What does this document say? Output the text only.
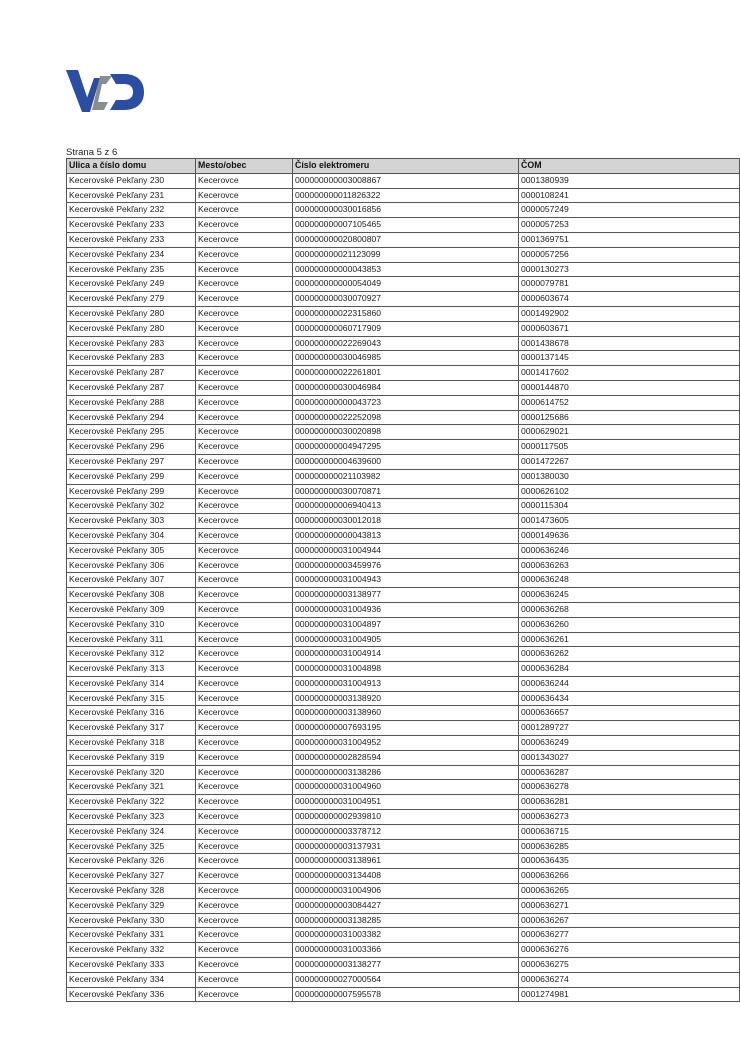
Strana 5 z 6
Ulica a číslo domu	Mesto/obec	Číslo elektromeru	ČOM
Kecerovské Pekľany 230	Kecerovce	000000000003008867	0001380939
Kecerovské Pekľany 231	Kecerovce	000000000011826322	0000108241
Kecerovské Pekľany 232	Kecerovce	000000000030016856	0000057249
Kecerovské Pekľany 233	Kecerovce	000000000007105465	0000057253
Kecerovské Pekľany 233	Kecerovce	000000000020800807	0001369751
Kecerovské Pekľany 234	Kecerovce	000000000021123099	0000057256
Kecerovské Pekľany 235	Kecerovce	000000000000043853	0000130273
Kecerovské Pekľany 249	Kecerovce	000000000000054049	0000079781
Kecerovské Pekľany 279	Kecerovce	000000000030070927	0000603674
Kecerovské Pekľany 280	Kecerovce	000000000022315860	0001492902
Kecerovské Pekľany 280	Kecerovce	000000000060717909	0000603671
Kecerovské Pekľany 283	Kecerovce	000000000022269043	0001438678
Kecerovské Pekľany 283	Kecerovce	000000000030046985	0000137145
Kecerovské Pekľany 287	Kecerovce	000000000022261801	0001417602
Kecerovské Pekľany 287	Kecerovce	000000000030046984	0000144870
Kecerovské Pekľany 288	Kecerovce	000000000000043723	0000614752
Kecerovské Pekľany 294	Kecerovce	000000000022252098	0000125686
Kecerovské Pekľany 295	Kecerovce	000000000030020898	0000629021
Kecerovské Pekľany 296	Kecerovce	000000000004947295	0000117505
Kecerovské Pekľany 297	Kecerovce	000000000004639600	0001472267
Kecerovské Pekľany 299	Kecerovce	000000000021103982	0001380030
Kecerovské Pekľany 299	Kecerovce	000000000030070871	0000626102
Kecerovské Pekľany 302	Kecerovce	000000000006940413	0000115304
Kecerovské Pekľany 303	Kecerovce	000000000030012018	0001473605
Kecerovské Pekľany 304	Kecerovce	000000000000043813	0000149636
Kecerovské Pekľany 305	Kecerovce	000000000031004944	0000636246
Kecerovské Pekľany 306	Kecerovce	000000000003459976	0000636263
Kecerovské Pekľany 307	Kecerovce	000000000031004943	0000636248
Kecerovské Pekľany 308	Kecerovce	000000000003138977	0000636245
Kecerovské Pekľany 309	Kecerovce	000000000031004936	0000636268
Kecerovské Pekľany 310	Kecerovce	000000000031004897	0000636260
Kecerovské Pekľany 311	Kecerovce	000000000031004905	0000636261
Kecerovské Pekľany 312	Kecerovce	000000000031004914	0000636262
Kecerovské Pekľany 313	Kecerovce	000000000031004898	0000636284
Kecerovské Pekľany 314	Kecerovce	000000000031004913	0000636244
Kecerovské Pekľany 315	Kecerovce	000000000003138920	0000636434
Kecerovské Pekľany 316	Kecerovce	000000000003138960	0000636657
Kecerovské Pekľany 317	Kecerovce	000000000007693195	0001289727
Kecerovské Pekľany 318	Kecerovce	000000000031004952	0000636249
Kecerovské Pekľany 319	Kecerovce	000000000002828594	0001343027
Kecerovské Pekľany 320	Kecerovce	000000000003138286	0000636287
Kecerovské Pekľany 321	Kecerovce	000000000031004960	0000636278
Kecerovské Pekľany 322	Kecerovce	000000000031004951	0000636281
Kecerovské Pekľany 323	Kecerovce	000000000002939810	0000636273
Kecerovské Pekľany 324	Kecerovce	000000000003378712	0000636715
Kecerovské Pekľany 325	Kecerovce	000000000003137931	0000636285
Kecerovské Pekľany 326	Kecerovce	000000000003138961	0000636435
Kecerovské Pekľany 327	Kecerovce	000000000003134408	0000636266
Kecerovské Pekľany 328	Kecerovce	000000000031004906	0000636265
Kecerovské Pekľany 329	Kecerovce	000000000003084427	0000636271
Kecerovské Pekľany 330	Kecerovce	000000000003138285	0000636267
Kecerovské Pekľany 331	Kecerovce	000000000031003382	0000636277
Kecerovské Pekľany 332	Kecerovce	000000000031003366	0000636276
Kecerovské Pekľany 333	Kecerovce	000000000003138277	0000636275
Kecerovské Pekľany 334	Kecerovce	000000000027000564	0000636274
Kecerovské Pekľany 336	Kecerovce	000000000007595578	0001274981
